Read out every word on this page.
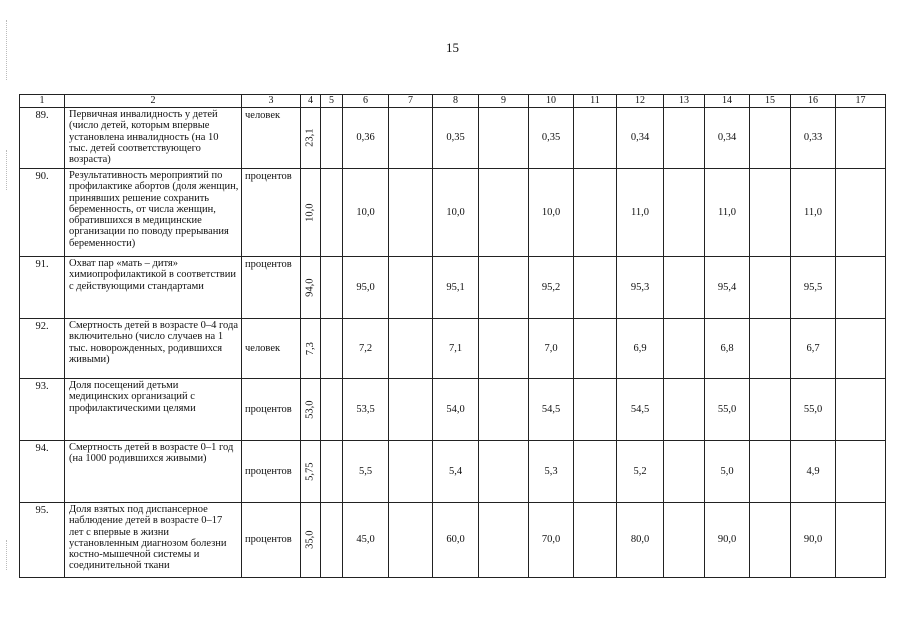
15
1	2	3	4	5	6	7	8	9	10	11	12	13	14	15	16	17
89.	Первичная инвалидность у детей (число детей, которым впервые установлена инвалидность (на 10 тыс. детей соответствующего возраста)	человек	23,1		0,36		0,35		0,35		0,34		0,34		0,33	
90.	Результативность мероприятий по профилактике абортов (доля женщин, принявших решение сохранить беременность, от числа женщин, обратившихся в медицинские организации по поводу прерывания беременности)	процентов	10,0		10,0		10,0		10,0		11,0		11,0		11,0	
91.	Охват пар «мать – дитя» химиопрофилактикой в соответствии с действующими стандартами	процентов	94,0		95,0		95,1		95,2		95,3		95,4		95,5	
92.	Смертность детей в возрасте 0–4 года включительно (число случаев на 1 тыс. новорожденных, родившихся живыми)	человек	7,3		7,2		7,1		7,0		6,9		6,8		6,7	
93.	Доля посещений детьми медицинских организаций с профилактическими целями	процентов	53,0		53,5		54,0		54,5		54,5		55,0		55,0	
94.	Смертность детей в возрасте 0–1 год (на 1000 родившихся живыми)	процентов	5,75		5,5		5,4		5,3		5,2		5,0		4,9	
95.	Доля взятых под диспансерное наблюдение детей в возрасте 0–17 лет с впервые в жизни установленным диагнозом болезни костно-мышечной системы и соединительной ткани	процентов	35,0		45,0		60,0		70,0		80,0		90,0		90,0	
